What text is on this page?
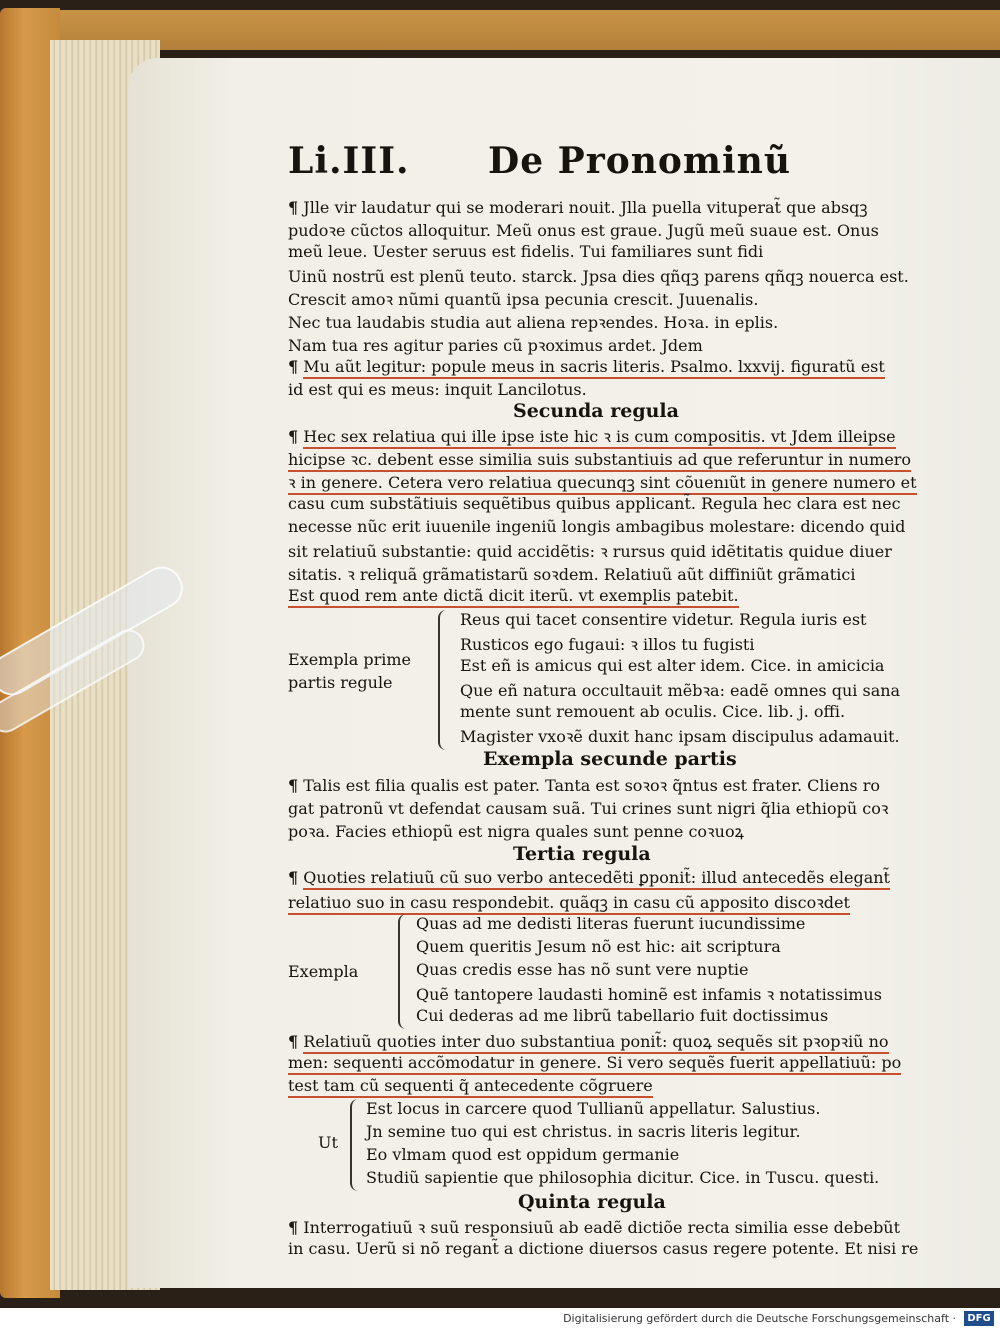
Li.III. De Pronominũ
¶ Jlle vir laudatur qui se moderari nouit. Jlla puella vituperat̃ que absqꝫ
pudoꝛe cũctos alloquitur. Meũ onus est graue. Jugũ meũ suaue est. Onus
meũ leue. Uester seruus est fidelis. Tui familiares sunt fidi
Uinũ nostrũ est plenũ teuto. starck. Jpsa dies qñqꝫ parens qñqꝫ nouerca est.
Crescit amoꝛ nũmi quantũ ipsa pecunia crescit. Juuenalis.
Nec tua laudabis studia aut aliena repꝛendes. Hoꝛa. in eplis.
Nam tua res agitur paries cũ pꝛoximus ardet. Jdem
¶ Mu aũt legitur: popule meus in sacris literis. Psalmo. lxxvij. figuratũ est
id est qui es meus: inquit Lancilotus.
Secunda regula
¶ Hec sex relatiua qui ille ipse iste hic ꝛ is cum compositis. vt Jdem illeipse
hicipse ꝛc. debent esse similia suis substantiuis ad que referuntur in numero
ꝛ in genere. Cetera vero relatiua quecunqꝫ sint cõuenıũt in genere numero et
casu cum substãtiuis sequẽtibus quibus applicant̃. Regula hec clara est nec
necesse nũc erit iuuenile ingeniũ longis ambagibus molestare: dicendo quid
sit relatiuũ substantie: quid accidẽtis: ꝛ rursus quid idẽtitatis quidue diuer
sitatis. ꝛ reliquã grãmatistarũ soꝛdem. Relatiuũ aũt diffiniũt grãmatici
Est quod rem ante dictã dicit iterũ. vt exemplis patebit.
Exempla prime
partis regule
Reus qui tacet consentire videtur. Regula iuris est
Rusticos ego fugaui: ꝛ illos tu fugisti
Est eñ is amicus qui est alter idem. Cice. in amicicia
Que eñ natura occultauit mẽbꝛa: eadẽ omnes qui sana
mente sunt remouent ab oculis. Cice. lib. j. offi.
Magister vxoꝛẽ duxit hanc ipsam discipulus adamauit.
Exempla secunde partis
¶ Talis est filia qualis est pater. Tanta est soꝛoꝛ q̃ntus est frater. Cliens ro
gat patronũ vt defendat causam suã. Tui crines sunt nigri q̃lia ethiopũ coꝛ
poꝛa. Facies ethiopũ est nigra quales sunt penne coꝛuoꝝ
Tertia regula
¶ Quoties relatiuũ cũ suo verbo antecedẽti ꝑponit̃: illud antecedẽs elegant̃
relatiuo suo in casu respondebit. quãqꝫ in casu cũ apposito discoꝛdet
Exempla
Quas ad me dedisti literas fuerunt iucundissime
Quem queritis Jesum nõ est hic: ait scriptura
Quas credis esse has nõ sunt vere nuptie
Quẽ tantopere laudasti hominẽ est infamis ꝛ notatissimus
Cui dederas ad me librũ tabellario fuit doctissimus
¶ Relatiuũ quoties inter duo substantiua ponit̃: quoꝝ sequẽs sit pꝛopꝛiũ no
men: sequenti accõmodatur in genere. Si vero sequẽs fuerit appellatiuũ: po
test tam cũ sequenti q̃ antecedente cõgruere
Ut
Est locus in carcere quod Tullianũ appellatur. Salustius.
Jn semine tuo qui est christus. in sacris literis legitur.
Eo vlmam quod est oppidum germanie
Studiũ sapientie que philosophia dicitur. Cice. in Tuscu. questi.
Quinta regula
¶ Interrogatiuũ ꝛ suũ responsiuũ ab eadẽ dictiõe recta similia esse debebũt
in casu. Uerũ si nõ regant̃ a dictione diuersos casus regere potente. Et nisi re
Digitalisierung gefördert durch die Deutsche Forschungsgemeinschaft ·	DFG
